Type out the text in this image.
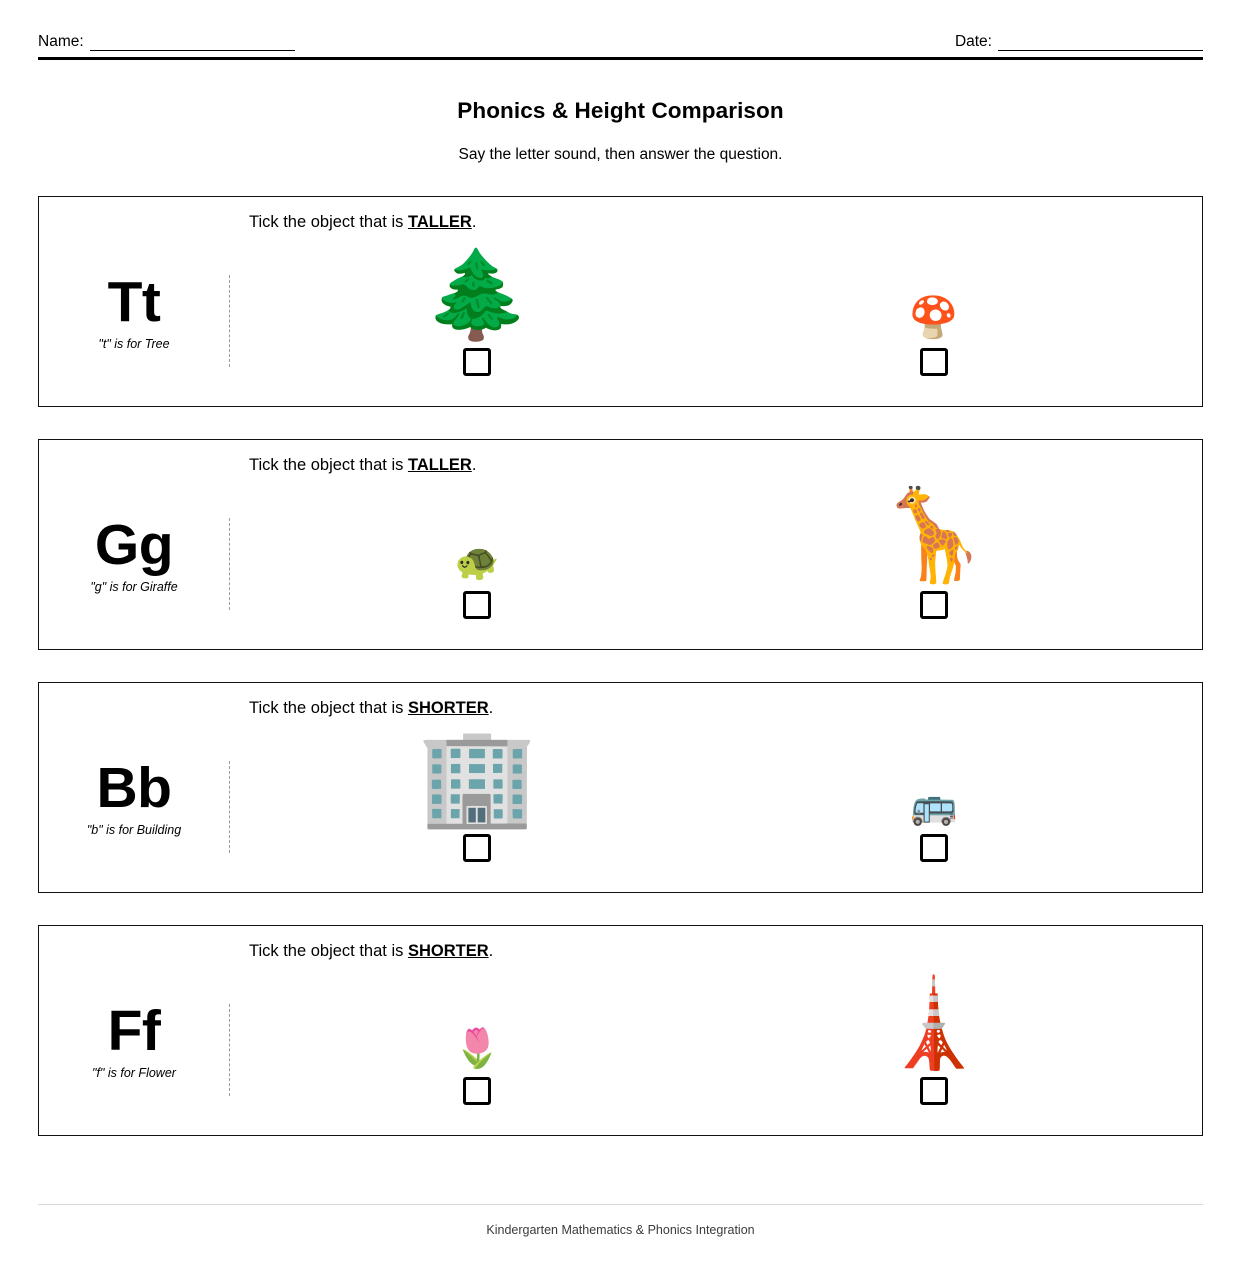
Name:	Date:
Phonics & Height Comparison

Say the letter sound, then answer the question.

Tick the object that is TALLER.
Tt
"t" is for Tree	🌲	🍄
Tick the object that is TALLER.
Gg
"g" is for Giraffe
🐢	🦒
Tick the object that is SHORTER.
Bb
"b" is for Building	🏢	🚌
Tick the object that is SHORTER.
Ff
"f" is for Flower
🌷	🗼
Kindergarten Mathematics & Phonics Integration
